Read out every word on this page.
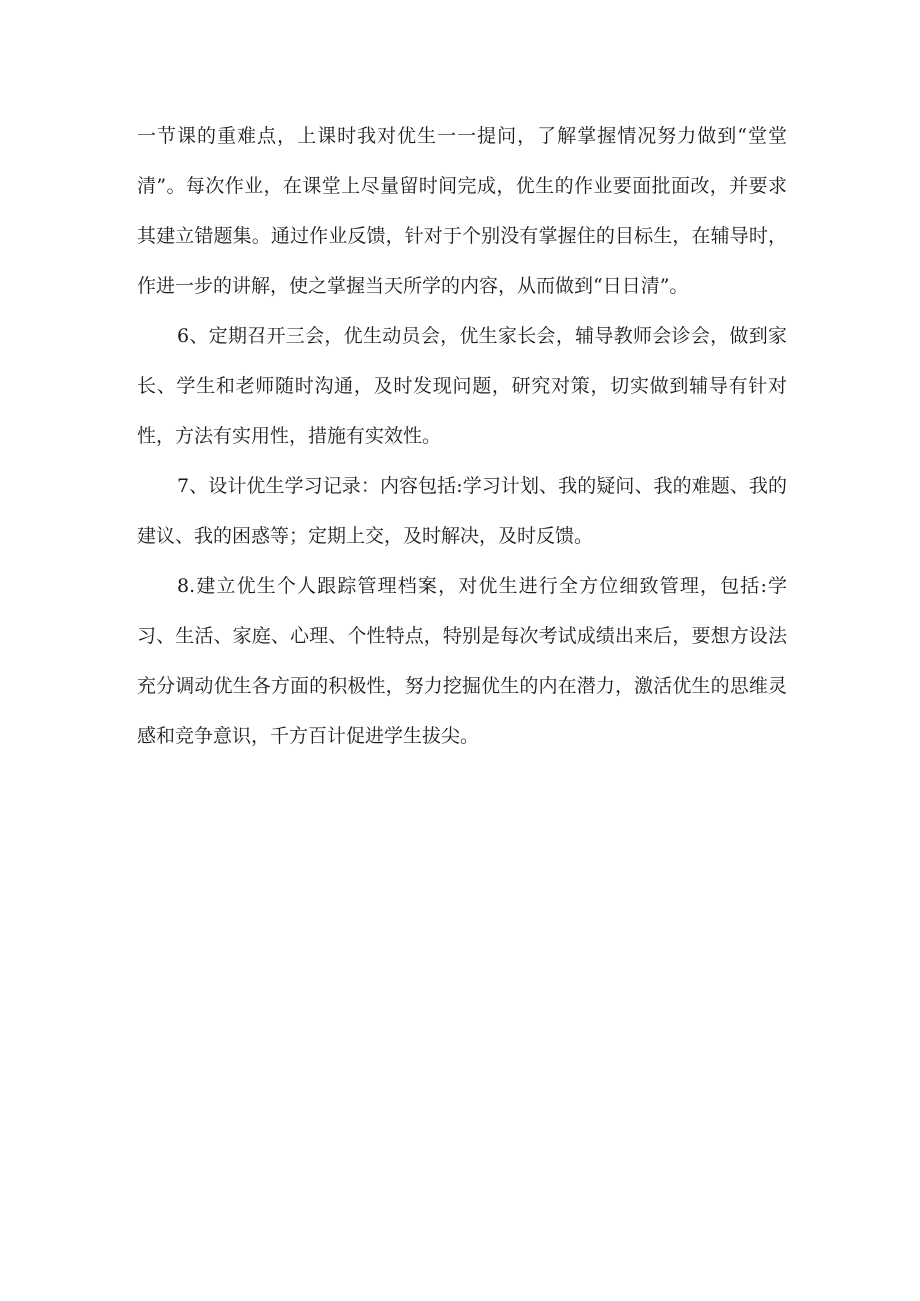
一节课的重难点，上课时我对优生一一提问，了解掌握情况努力做到“堂堂清”。每次作业，在课堂上尽量留时间完成，优生的作业要面批面改，并要求其建立错题集。通过作业反馈，针对于个别没有掌握住的目标生，在辅导时，作进一步的讲解，使之掌握当天所学的内容，从而做到“日日清”。

6、定期召开三会，优生动员会，优生家长会，辅导教师会诊会，做到家长、学生和老师随时沟通，及时发现问题，研究对策，切实做到辅导有针对性，方法有实用性，措施有实效性。

7、设计优生学习记录：内容包括:学习计划、我的疑问、我的难题、我的建议、我的困惑等；定期上交，及时解决，及时反馈。

8.建立优生个人跟踪管理档案，对优生进行全方位细致管理，包括:学习、生活、家庭、心理、个性特点，特别是每次考试成绩出来后，要想方设法充分调动优生各方面的积极性，努力挖掘优生的内在潜力，激活优生的思维灵感和竞争意识，千方百计促进学生拔尖。
